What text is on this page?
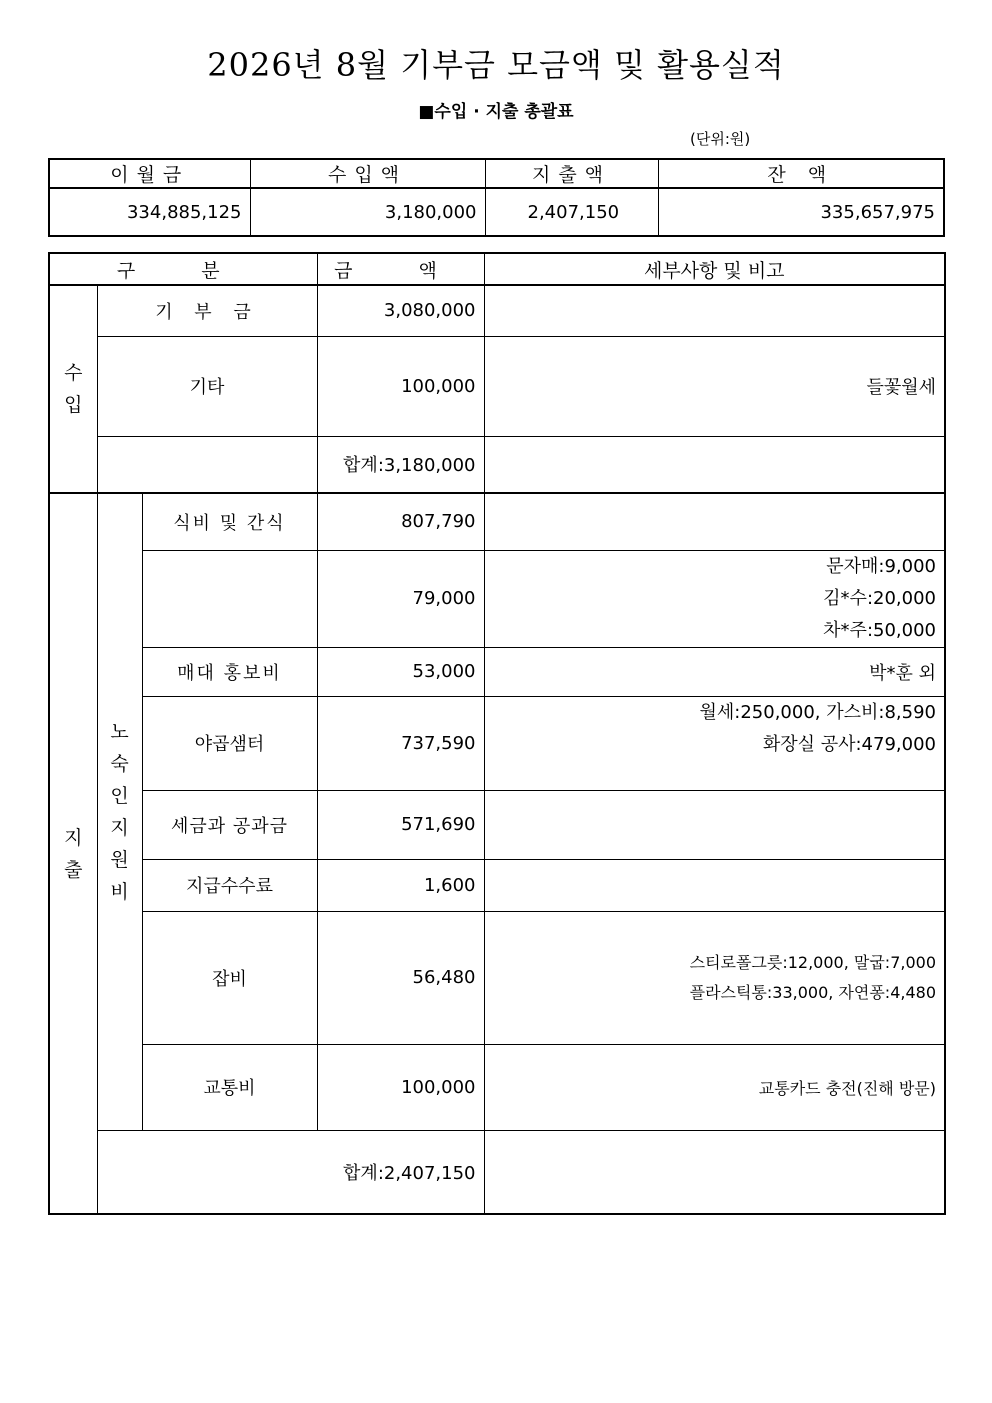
2026년 8월 기부금 모금액 및 활용실적
■수입 · 지출 총괄표
(단위:원)
이월금	수입액	지출액	잔 액
334,885,125	3,180,000	2,407,150	335,657,975
구 분			금 액	세부사항 및 비고
수입	기 부 금		3,080,000	
	기타		100,000	들꽃월세
			합계:3,180,000	
지출	노숙인지원비	식비 및 간식	807,790	
			79,000	문자매:9,000
김*수:20,000
차*주:50,000

		매대 홍보비	53,000	박*훈 외
		야곱샘터	737,590	월세:250,000, 가스비:8,590
화장실 공사:479,000

		세금과 공과금	571,690	
		지급수수료	1,600	
		잡비	56,480	스티로폴그릇:12,000, 말굽:7,000
플라스틱통:33,000, 자연퐁:4,480

		교통비	100,000	교통카드 충전(진해 방문)
	합계:2,407,150			
